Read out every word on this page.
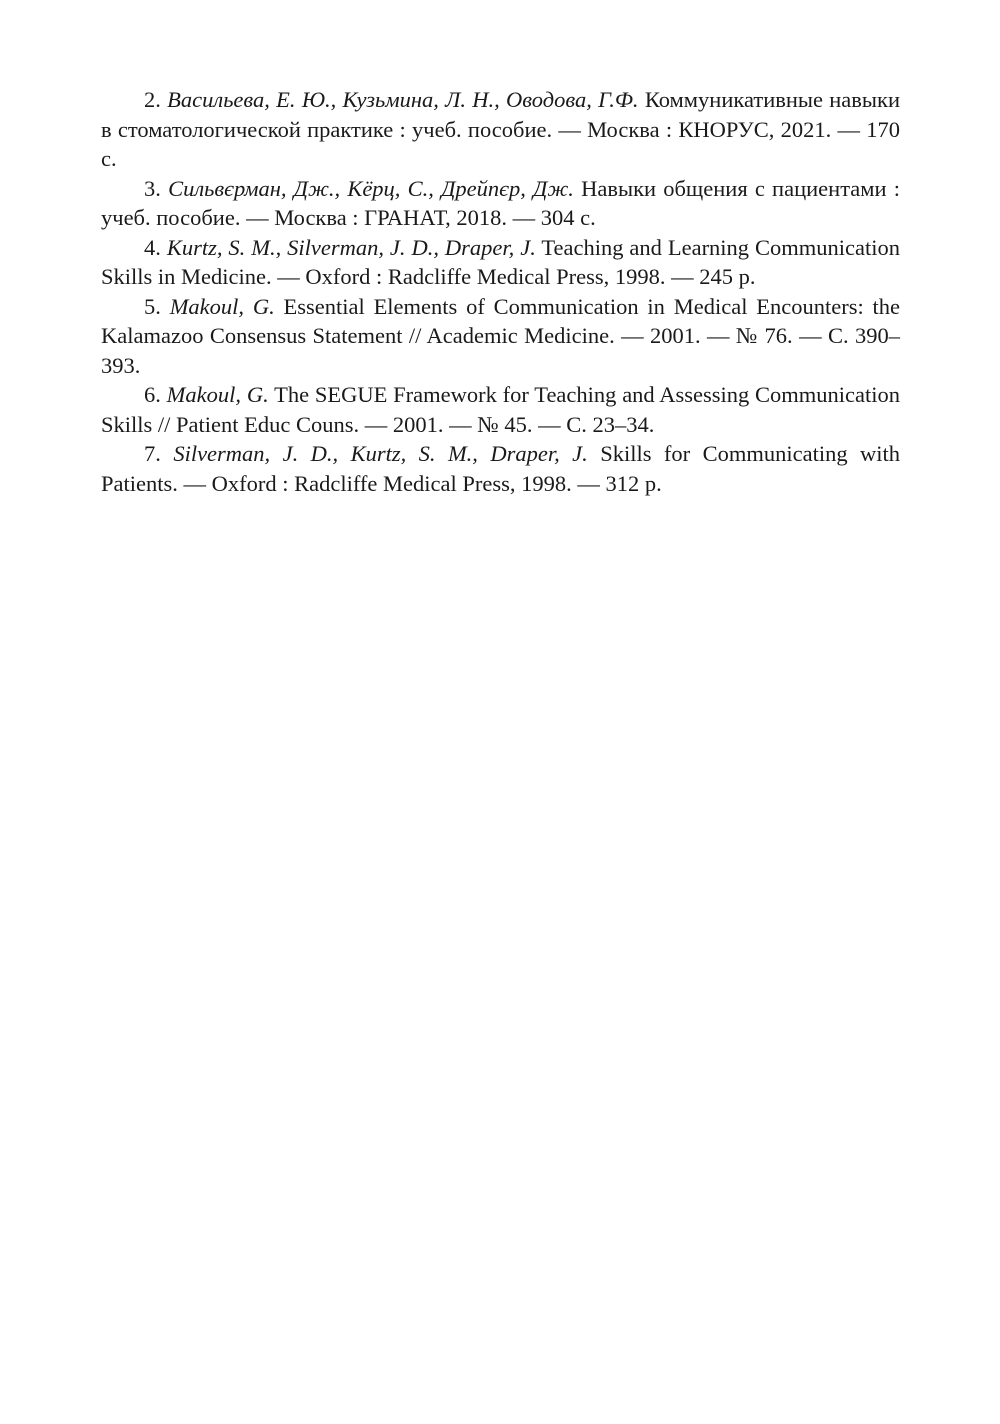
2. Васильева, Е. Ю., Кузьмина, Л. Н., Оводова, Г.Ф. Коммуникативные навыки в стоматологической практике : учеб. пособие. — Москва : КНОРУС, 2021. — 170 с.

3. Сильвєрман, Дж., Кёрц, С., Дрейпєр, Дж. Навыки общения с пациентами : учеб. пособие. — Москва : ГРАНАТ, 2018. — 304 с.

4. Kurtz, S. M., Silverman, J. D., Draper, J. Teaching and Learning Communication Skills in Medicine. — Oxford : Radcliffe Medical Press, 1998. — 245 p.

5. Makoul, G. Essential Elements of Communication in Medical Encounters: the Kalamazoo Consensus Statement // Academic Medicine. — 2001. — № 76. — С. 390–393.

6. Makoul, G. The SEGUE Framework for Teaching and Assessing Communication Skills // Patient Educ Couns. — 2001. — № 45. — С. 23–34.

7. Silverman, J. D., Kurtz, S. M., Draper, J. Skills for Communicating with Patients. — Oxford : Radcliffe Medical Press, 1998. — 312 p.
